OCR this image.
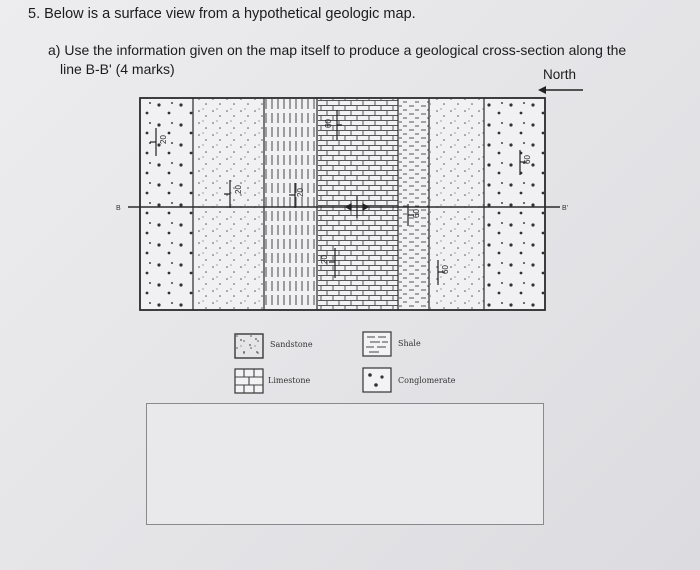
5. Below is a surface view from a hypothetical geologic map.
a) Use the information given on the map itself to produce a geological cross-section along the
line B-B' (4 marks)	North
20
20	20
20
60
60
60
60
B	B'
Sandstone	Shale
Limestone	Conglomerate
